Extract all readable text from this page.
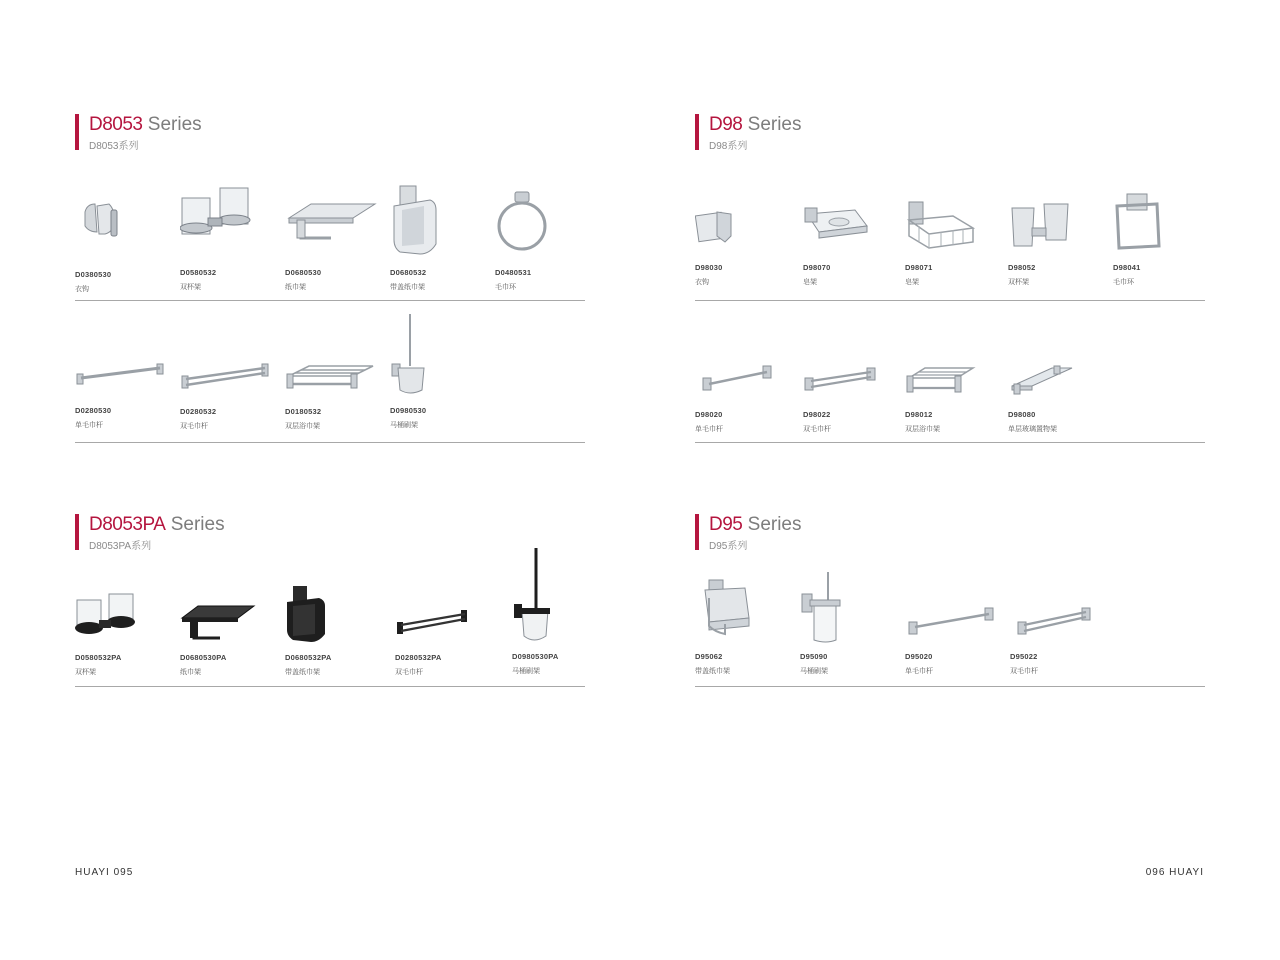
D8053 Series
D8053系列
D0380530
衣钩
D0580532
双杯架
D0680530
纸巾架
D0680532
带盖纸巾架
D0480531
毛巾环
D0280530
单毛巾杆
D0280532
双毛巾杆
D0180532
双层浴巾架
D0980530
马桶刷架
D98 Series
D98系列
D98030
衣钩
D98070
皂架
D98071
皂架
D98052
双杯架
D98041
毛巾环
D98020
单毛巾杆
D98022
双毛巾杆
D98012
双层浴巾架
D98080
单层玻璃置物架
D8053PA Series
D8053PA系列
D0580532PA
双杯架
D0680530PA
纸巾架
D0680532PA
带盖纸巾架
D0280532PA
双毛巾杆
D0980530PA
马桶刷架
D95 Series
D95系列
D95062
带盖纸巾架
D95090
马桶刷架
D95020
单毛巾杆
D95022
双毛巾杆
HUAYI 095	096 HUAYI
